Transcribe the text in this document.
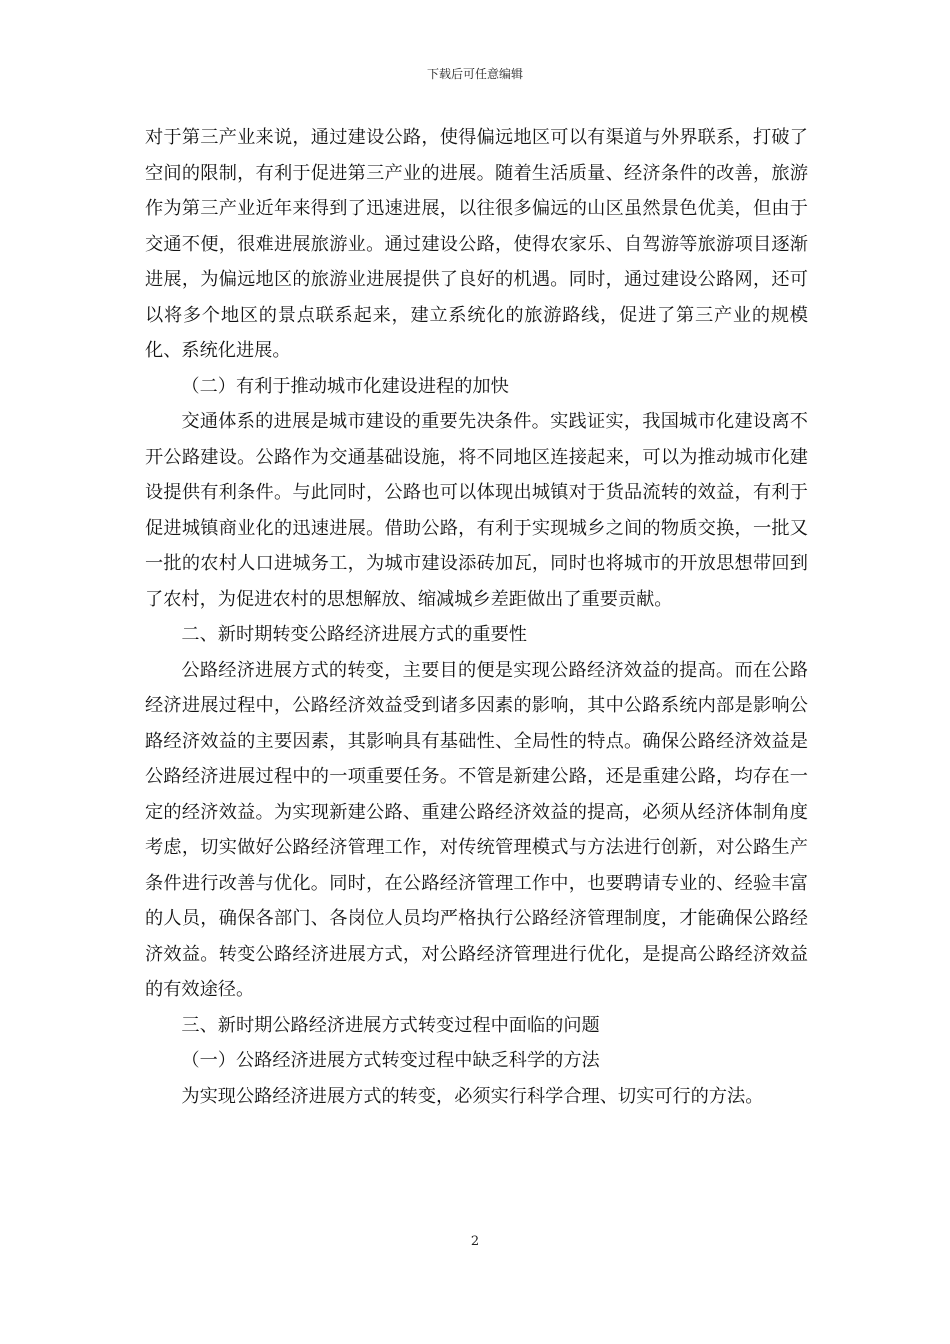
下载后可任意编辑

对于第三产业来说，通过建设公路，使得偏远地区可以有渠道与外界联系，打破了空间的限制，有利于促进第三产业的进展。随着生活质量、经济条件的改善，旅游作为第三产业近年来得到了迅速进展，以往很多偏远的山区虽然景色优美，但由于交通不便，很难进展旅游业。通过建设公路，使得农家乐、自驾游等旅游项目逐渐进展，为偏远地区的旅游业进展提供了良好的机遇。同时，通过建设公路网，还可以将多个地区的景点联系起来，建立系统化的旅游路线，促进了第三产业的规模化、系统化进展。

（二）有利于推动城市化建设进程的加快

交通体系的进展是城市建设的重要先决条件。实践证实，我国城市化建设离不开公路建设。公路作为交通基础设施，将不同地区连接起来，可以为推动城市化建设提供有利条件。与此同时，公路也可以体现出城镇对于货品流转的效益，有利于促进城镇商业化的迅速进展。借助公路，有利于实现城乡之间的物质交换，一批又一批的农村人口进城务工，为城市建设添砖加瓦，同时也将城市的开放思想带回到了农村，为促进农村的思想解放、缩减城乡差距做出了重要贡献。

二、新时期转变公路经济进展方式的重要性

公路经济进展方式的转变，主要目的便是实现公路经济效益的提高。而在公路经济进展过程中，公路经济效益受到诸多因素的影响，其中公路系统内部是影响公路经济效益的主要因素，其影响具有基础性、全局性的特点。确保公路经济效益是公路经济进展过程中的一项重要任务。不管是新建公路，还是重建公路，均存在一定的经济效益。为实现新建公路、重建公路经济效益的提高，必须从经济体制角度考虑，切实做好公路经济管理工作，对传统管理模式与方法进行创新，对公路生产条件进行改善与优化。同时，在公路经济管理工作中，也要聘请专业的、经验丰富的人员，确保各部门、各岗位人员均严格执行公路经济管理制度，才能确保公路经济效益。转变公路经济进展方式，对公路经济管理进行优化，是提高公路经济效益的有效途径。

三、新时期公路经济进展方式转变过程中面临的问题

（一）公路经济进展方式转变过程中缺乏科学的方法

为实现公路经济进展方式的转变，必须实行科学合理、切实可行的方法。

2
